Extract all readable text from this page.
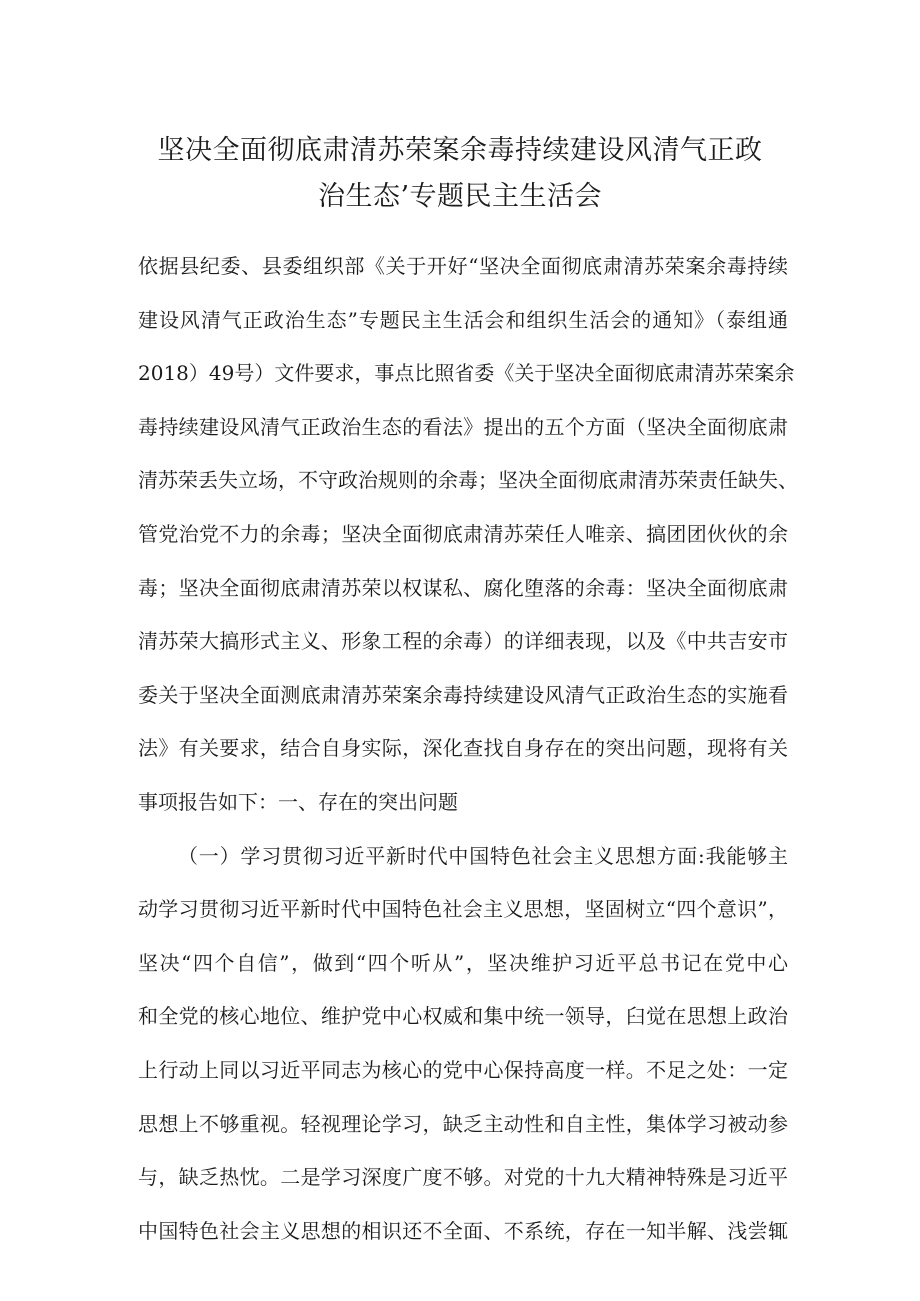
坚决全面彻底肃清苏荣案余毒持续建设风清气正政
治生态’专题民主生活会
依据县纪委、县委组织部《关于开好“坚决全面彻底肃清苏荣案余毒持续
建设风清气正政治生态”专题民主生活会和组织生活会的通知》（泰组通
2018）49号）文件要求，事点比照省委《关于坚决全面彻底肃清苏荣案余
毒持续建设风清气正政治生态的看法》提出的五个方面（坚决全面彻底肃
清苏荣丢失立场，不守政治规则的余毒；坚决全面彻底肃清苏荣责任缺失、
管党治党不力的余毒；坚决全面彻底肃清苏荣任人唯亲、搞团团伙伙的余
毒；坚决全面彻底肃清苏荣以权谋私、腐化堕落的余毒：坚决全面彻底肃
清苏荣大搞形式主义、形象工程的余毒）的详细表现，以及《中共吉安市
委关于坚决全面测底肃清苏荣案余毒持续建设风清气正政治生态的实施看
法》有关要求，结合自身实际，深化查找自身存在的突出问题，现将有关
事项报告如下：一、存在的突出问题
（一）学习贯彻习近平新时代中国特色社会主义思想方面:我能够主
动学习贯彻习近平新时代中国特色社会主义思想，坚固树立“四个意识”，
坚决“四个自信”，做到“四个听从”，坚决维护习近平总书记在党中心
和全党的核心地位、维护党中心权威和集中统一领导，臼觉在思想上政治
上行动上同以习近平同志为核心的党中心保持高度一样。不足之处：一定
思想上不够重视。轻视理论学习，缺乏主动性和自主性，集体学习被动参
与，缺乏热忱。二是学习深度广度不够。对党的十九大精神特殊是习近平
中国特色社会主义思想的相识还不全面、不系统，存在一知半解、浅尝辄
